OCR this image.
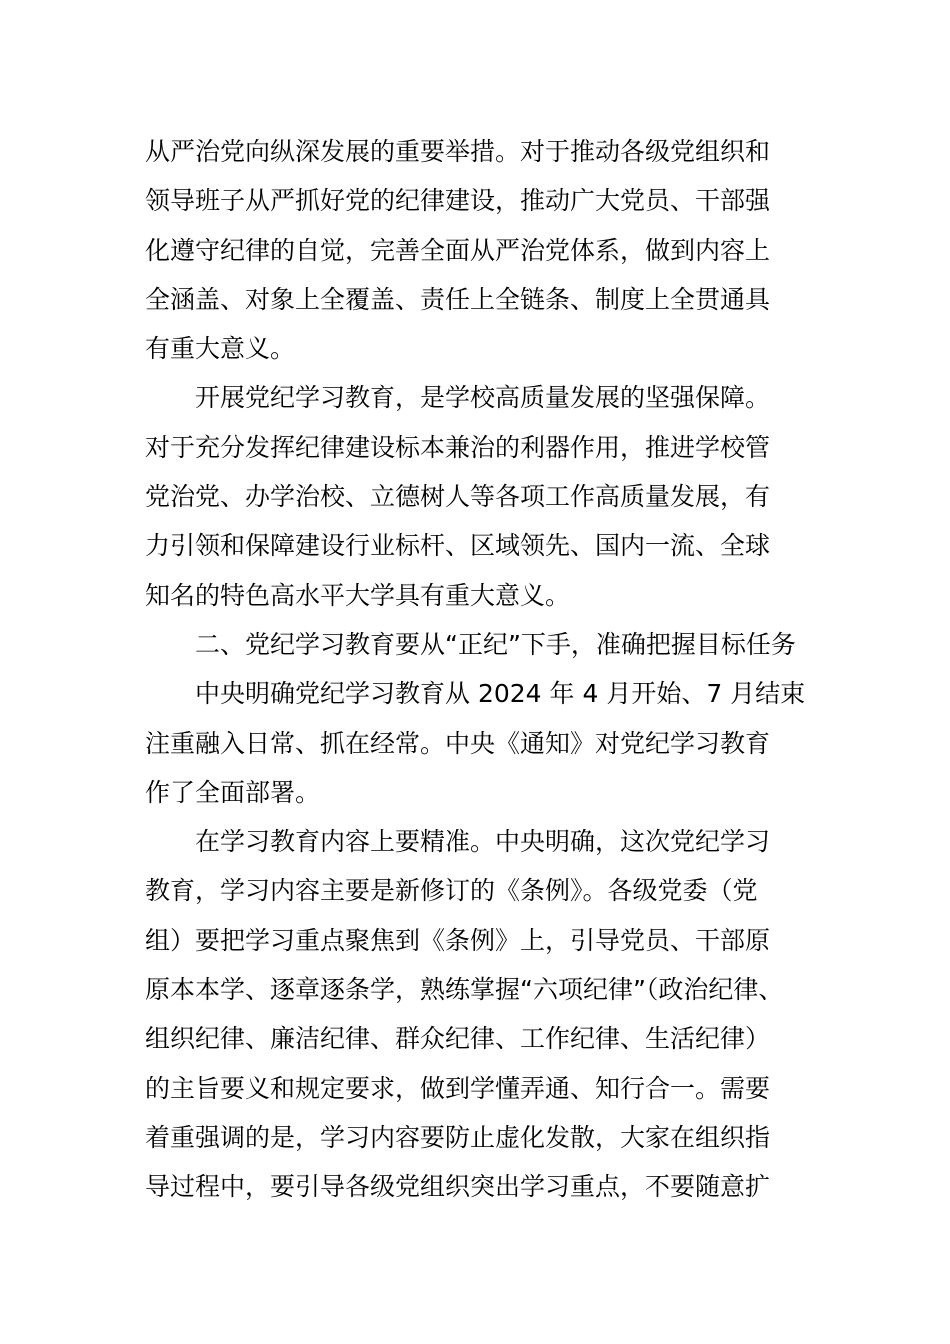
从严治党向纵深发展的重要举措。对于推动各级党组织和

领导班子从严抓好党的纪律建设，推动广大党员、干部强

化遵守纪律的自觉，完善全面从严治党体系，做到内容上

全涵盖、对象上全覆盖、责任上全链条、制度上全贯通具

有重大意义。

开展党纪学习教育，是学校高质量发展的坚强保障。

对于充分发挥纪律建设标本兼治的利器作用，推进学校管

党治党、办学治校、立德树人等各项工作高质量发展，有

力引领和保障建设行业标杆、区域领先、国内一流、全球

知名的特色高水平大学具有重大意义。

二、党纪学习教育要从“正纪”下手，准确把握目标任务

中央明确党纪学习教育从 2024 年 4 月开始、7 月结束

注重融入日常、抓在经常。中央《通知》对党纪学习教育

作了全面部署。

在学习教育内容上要精准。中央明确，这次党纪学习

教育，学习内容主要是新修订的《条例》。各级党委（党

组）要把学习重点聚焦到《条例》上，引导党员、干部原

原本本学、逐章逐条学，熟练掌握“六项纪律”（政治纪律、

组织纪律、廉洁纪律、群众纪律、工作纪律、生活纪律）

的主旨要义和规定要求，做到学懂弄通、知行合一。需要

着重强调的是，学习内容要防止虚化发散，大家在组织指

导过程中，要引导各级党组织突出学习重点，不要随意扩
